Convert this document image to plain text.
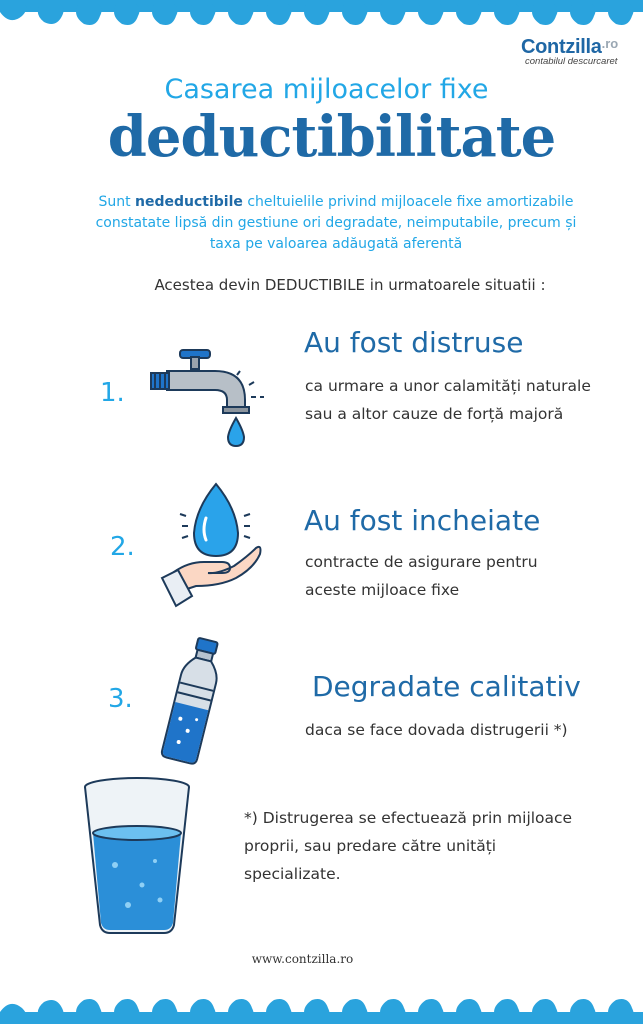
Contzilla$^{.ro}$
contabilul descurcaret
Casarea mijloacelor fixe
deductibilitate
Sunt nedeductibile cheltuielile privind mijloacele fixe amortizabile constatate lipsă din gestiune ori degradate, neimputabile, precum și taxa pe valoarea adăugată aferentă
Acestea devin DEDUCTIBILE in urmatoarele situatii :
1.
Au fost distruse
ca urmare a unor calamități naturale
sau a altor cauze de forță majoră
2.
Au fost incheiate
contracte de asigurare pentru
aceste mijloace fixe
3.	Degradate calitativ
daca se face dovada distrugerii *)
*) Distrugerea se efectuează prin mijloace
proprii, sau predare către unități
specializate.
www.contzilla.ro
